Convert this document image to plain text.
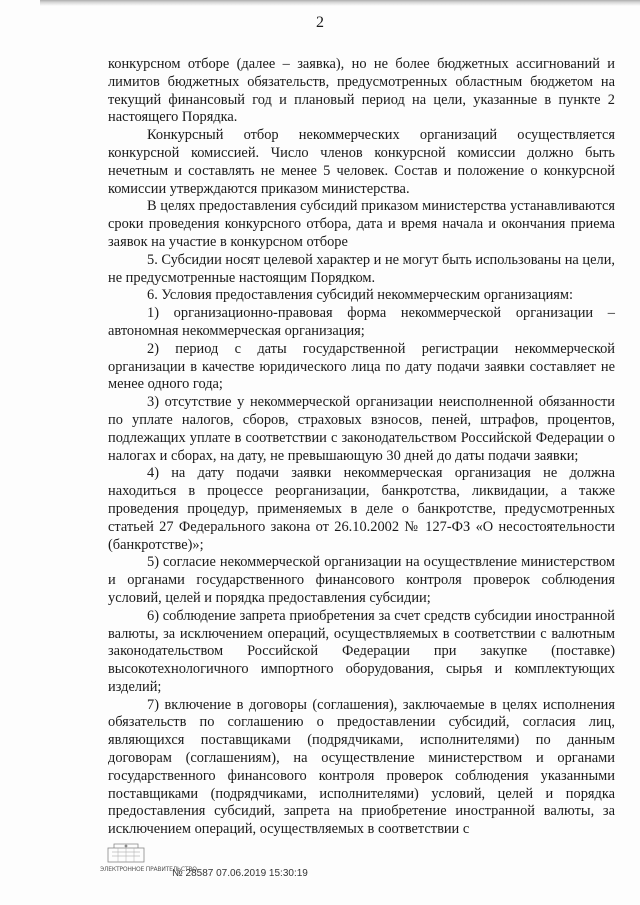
2

конкурсном отборе (далее – заявка), но не более бюджетных ассигнований и лимитов бюджетных обязательств, предусмотренных областным бюджетом на текущий финансовый год и плановый период на цели, указанные в пункте 2 настоящего Порядка.

Конкурсный отбор некоммерческих организаций осуществляется конкурсной комиссией. Число членов конкурсной комиссии должно быть нечетным и составлять не менее 5 человек. Состав и положение о конкурсной комиссии утверждаются приказом министерства.

В целях предоставления субсидий приказом министерства устанавливаются сроки проведения конкурсного отбора, дата и время начала и окончания приема заявок на участие в конкурсном отборе

5. Субсидии носят целевой характер и не могут быть использованы на цели, не предусмотренные настоящим Порядком.

6. Условия предоставления субсидий некоммерческим организациям:

1) организационно-правовая форма некоммерческой организации – автономная некоммерческая организация;

2) период с даты государственной регистрации некоммерческой организации в качестве юридического лица по дату подачи заявки составляет не менее одного года;

3) отсутствие у некоммерческой организации неисполненной обязанности по уплате налогов, сборов, страховых взносов, пеней, штрафов, процентов, подлежащих уплате в соответствии с законодательством Российской Федерации о налогах и сборах, на дату, не превышающую 30 дней до даты подачи заявки;

4) на дату подачи заявки некоммерческая организация не должна находиться в процессе реорганизации, банкротства, ликвидации, а также проведения процедур, применяемых в деле о банкротстве, предусмотренных статьей 27 Федерального закона от 26.10.2002 № 127-ФЗ «О несостоятельности (банкротстве)»;

5) согласие некоммерческой организации на осуществление министерством и органами государственного финансового контроля проверок соблюдения условий, целей и порядка предоставления субсидии;

6) соблюдение запрета приобретения за счет средств субсидии иностранной валюты, за исключением операций, осуществляемых в соответствии с валютным законодательством Российской Федерации при закупке (поставке) высокотехнологичного импортного оборудования, сырья и комплектующих изделий;

7) включение в договоры (соглашения), заключаемые в целях исполнения обязательств по соглашению о предоставлении субсидий, согласия лиц, являющихся поставщиками (подрядчиками, исполнителями) по данным договорам (соглашениям), на осуществление министерством и органами государственного финансового контроля проверок соблюдения указанными поставщиками (подрядчиками, исполнителями) условий, целей и порядка предоставления субсидий, запрета на приобретение иностранной валюты, за исключением операций, осуществляемых в соответствии с

ЭЛЕКТРОННОЕ ПРАВИТЕЛЬСТВО
№ 28587 07.06.2019 15:30:19
